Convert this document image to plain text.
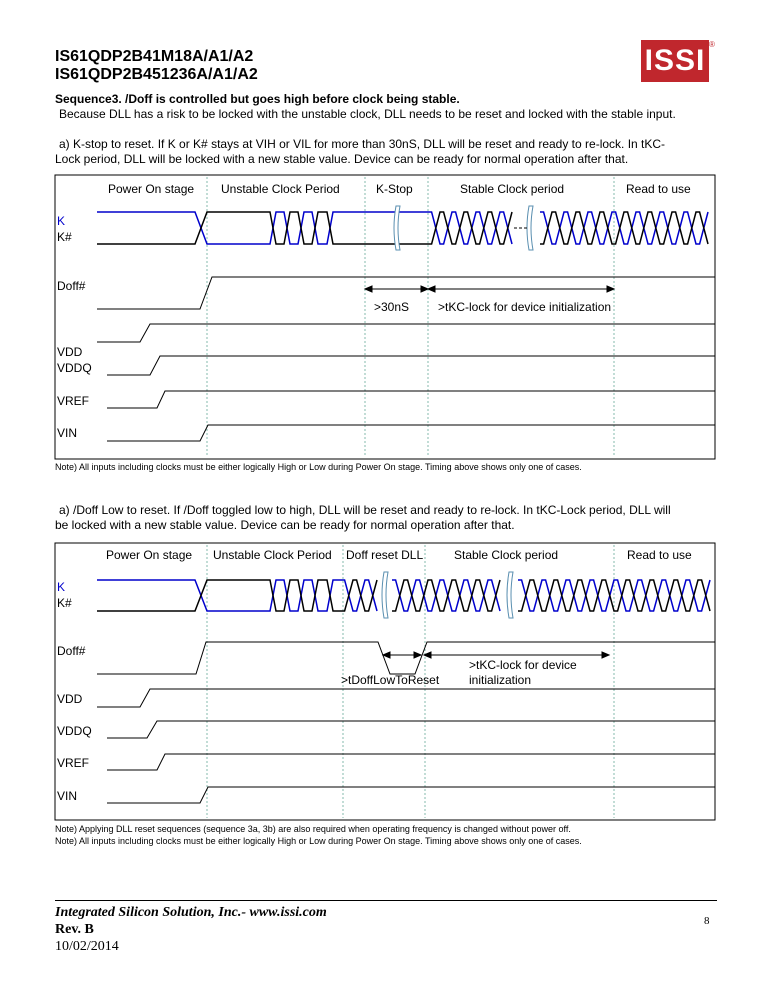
IS61QDP2B41M18A/A1/A2
IS61QDP2B451236A/A1/A2	ISSI ®
Sequence3. /Doff is controlled but goes high before clock being stable.
Because DLL has a risk to be locked with the unstable clock, DLL needs to be reset and locked with the stable input.
a) K-stop to reset. If K or K# stays at VIH or VIL for more than 30nS, DLL will be reset and ready to re-lock. In tKC-
Lock period, DLL will be locked with a new stable value. Device can be ready for normal operation after that.
Power On stage Unstable Clock Period	K-Stop	Stable Clock period	Read to use
K
K#
Doff#
VDD
VDDQ
VREF
VIN
>30nS >tKC-lock for device initialization
Note) All inputs including clocks must be either logically High or Low during Power On stage. Timing above shows only one of cases.
a) /Doff Low to reset. If /Doff toggled low to high, DLL will be reset and ready to re-lock. In tKC-Lock period, DLL will
be locked with a new stable value. Device can be ready for normal operation after that.
Power On stage Unstable Clock Period Doff reset DLL	Stable Clock period	Read to use
K
K#
Doff#
VDD
VDDQ
VREF
VIN
>tDoffLowToReset
>tKC-lock for device
initialization
Note) Applying DLL reset sequences (sequence 3a, 3b) are also required when operating frequency is changed without power off.
Note) All inputs including clocks must be either logically High or Low during Power On stage. Timing above shows only one of cases.
Integrated Silicon Solution, Inc.- www.issi.com
Rev. B
10/02/2014
8
